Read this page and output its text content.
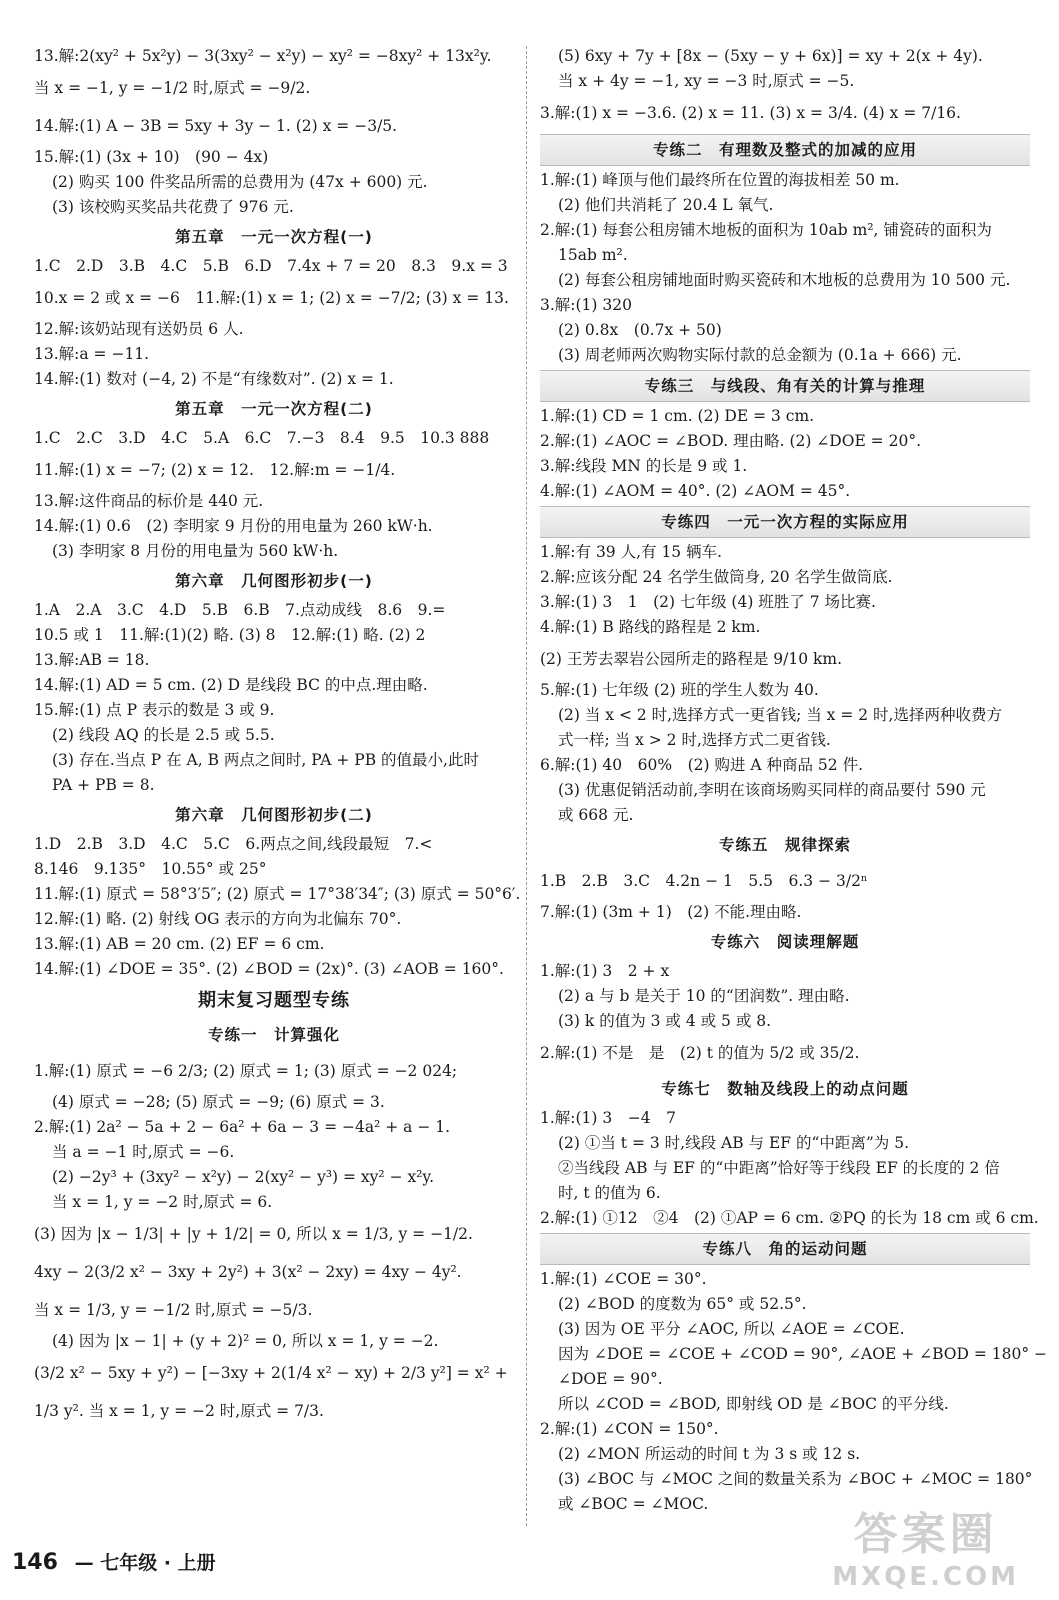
13.解:2(xy² + 5x²y) − 3(3xy² − x²y) − xy² = −8xy² + 13x²y.
当 x = −1, y = −1/2 时,原式 = −9/2.
14.解:(1) A − 3B = 5xy + 3y − 1. (2) x = −3/5.
15.解:(1) (3x + 10)　(90 − 4x)
(2) 购买 100 件奖品所需的总费用为 (47x + 600) 元.
(3) 该校购买奖品共花费了 976 元.
第五章　一元一次方程(一)
1.C　2.D　3.B　4.C　5.B　6.D　7.4x + 7 = 20　8.3　9.x = 3
10.x = 2 或 x = −6　11.解:(1) x = 1; (2) x = −7/2; (3) x = 13.
12.解:该奶站现有送奶员 6 人.
13.解:a = −11.
14.解:(1) 数对 (−4, 2) 不是“有缘数对”. (2) x = 1.
第五章　一元一次方程(二)
1.C　2.C　3.D　4.C　5.A　6.C　7.−3　8.4　9.5　10.3 888
11.解:(1) x = −7; (2) x = 12.　12.解:m = −1/4.
13.解:这件商品的标价是 440 元.
14.解:(1) 0.6　(2) 李明家 9 月份的用电量为 260 kW·h.
(3) 李明家 8 月份的用电量为 560 kW·h.
第六章　几何图形初步(一)
1.A　2.A　3.C　4.D　5.B　6.B　7.点动成线　8.6　9.=
10.5 或 1　11.解:(1)(2) 略. (3) 8　12.解:(1) 略. (2) 2
13.解:AB = 18.
14.解:(1) AD = 5 cm. (2) D 是线段 BC 的中点.理由略.
15.解:(1) 点 P 表示的数是 3 或 9.
(2) 线段 AQ 的长是 2.5 或 5.5.
(3) 存在.当点 P 在 A, B 两点之间时, PA + PB 的值最小,此时
PA + PB = 8.
第六章　几何图形初步(二)
1.D　2.B　3.D　4.C　5.C　6.两点之间,线段最短　7.<
8.146　9.135°　10.55° 或 25°
11.解:(1) 原式 = 58°3′5″; (2) 原式 = 17°38′34″; (3) 原式 = 50°6′.
12.解:(1) 略. (2) 射线 OG 表示的方向为北偏东 70°.
13.解:(1) AB = 20 cm. (2) EF = 6 cm.
14.解:(1) ∠DOE = 35°. (2) ∠BOD = (2x)°. (3) ∠AOB = 160°.
期末复习题型专练
专练一　计算强化
1.解:(1) 原式 = −6 2/3; (2) 原式 = 1; (3) 原式 = −2 024;
(4) 原式 = −28; (5) 原式 = −9; (6) 原式 = 3.
2.解:(1) 2a² − 5a + 2 − 6a² + 6a − 3 = −4a² + a − 1.
当 a = −1 时,原式 = −6.
(2) −2y³ + (3xy² − x²y) − 2(xy² − y³) = xy² − x²y.
当 x = 1, y = −2 时,原式 = 6.
(3) 因为 |x − 1/3| + |y + 1/2| = 0, 所以 x = 1/3, y = −1/2.
4xy − 2(3/2 x² − 3xy + 2y²) + 3(x² − 2xy) = 4xy − 4y².
当 x = 1/3, y = −1/2 时,原式 = −5/3.
(4) 因为 |x − 1| + (y + 2)² = 0, 所以 x = 1, y = −2.
(3/2 x² − 5xy + y²) − [−3xy + 2(1/4 x² − xy) + 2/3 y²] = x² +
1/3 y². 当 x = 1, y = −2 时,原式 = 7/3.
(5) 6xy + 7y + [8x − (5xy − y + 6x)] = xy + 2(x + 4y).
当 x + 4y = −1, xy = −3 时,原式 = −5.
3.解:(1) x = −3.6. (2) x = 11. (3) x = 3/4. (4) x = 7/16.
专练二　有理数及整式的加减的应用
1.解:(1) 峰顶与他们最终所在位置的海拔相差 50 m.
(2) 他们共消耗了 20.4 L 氧气.
2.解:(1) 每套公租房铺木地板的面积为 10ab m², 铺瓷砖的面积为
15ab m².
(2) 每套公租房铺地面时购买瓷砖和木地板的总费用为 10 500 元.
3.解:(1) 320
(2) 0.8x　(0.7x + 50)
(3) 周老师两次购物实际付款的总金额为 (0.1a + 666) 元.
专练三　与线段、角有关的计算与推理
1.解:(1) CD = 1 cm. (2) DE = 3 cm.
2.解:(1) ∠AOC = ∠BOD. 理由略. (2) ∠DOE = 20°.
3.解:线段 MN 的长是 9 或 1.
4.解:(1) ∠AOM = 40°. (2) ∠AOM = 45°.
专练四　一元一次方程的实际应用
1.解:有 39 人,有 15 辆车.
2.解:应该分配 24 名学生做筒身, 20 名学生做筒底.
3.解:(1) 3　1　(2) 七年级 (4) 班胜了 7 场比赛.
4.解:(1) B 路线的路程是 2 km.
(2) 王芳去翠岩公园所走的路程是 9/10 km.
5.解:(1) 七年级 (2) 班的学生人数为 40.
(2) 当 x < 2 时,选择方式一更省钱; 当 x = 2 时,选择两种收费方
式一样; 当 x > 2 时,选择方式二更省钱.
6.解:(1) 40　60%　(2) 购进 A 种商品 52 件.
(3) 优惠促销活动前,李明在该商场购买同样的商品要付 590 元
或 668 元.
专练五　规律探索
1.B　2.B　3.C　4.2n − 1　5.5　6.3 − 3/2ⁿ
7.解:(1) (3m + 1)　(2) 不能.理由略.
专练六　阅读理解题
1.解:(1) 3　2 + x
(2) a 与 b 是关于 10 的“团润数”. 理由略.
(3) k 的值为 3 或 4 或 5 或 8.
2.解:(1) 不是　是　(2) t 的值为 5/2 或 35/2.
专练七　数轴及线段上的动点问题
1.解:(1) 3　−4　7
(2) ①当 t = 3 时,线段 AB 与 EF 的“中距离”为 5.
②当线段 AB 与 EF 的“中距离”恰好等于线段 EF 的长度的 2 倍
时, t 的值为 6.
2.解:(1) ①12　②4　(2) ①AP = 6 cm. ②PQ 的长为 18 cm 或 6 cm.
专练八　角的运动问题
1.解:(1) ∠COE = 30°.
(2) ∠BOD 的度数为 65° 或 52.5°.
(3) 因为 OE 平分 ∠AOC, 所以 ∠AOE = ∠COE.
因为 ∠DOE = ∠COE + ∠COD = 90°, ∠AOE + ∠BOD = 180° −
∠DOE = 90°.
所以 ∠COD = ∠BOD, 即射线 OD 是 ∠BOC 的平分线.
2.解:(1) ∠CON = 150°.
(2) ∠MON 所运动的时间 t 为 3 s 或 12 s.
(3) ∠BOC 与 ∠MOC 之间的数量关系为 ∠BOC + ∠MOC = 180°
或 ∠BOC = ∠MOC.
146 — 七年级 · 上册
答案圈
MXQE.COM
